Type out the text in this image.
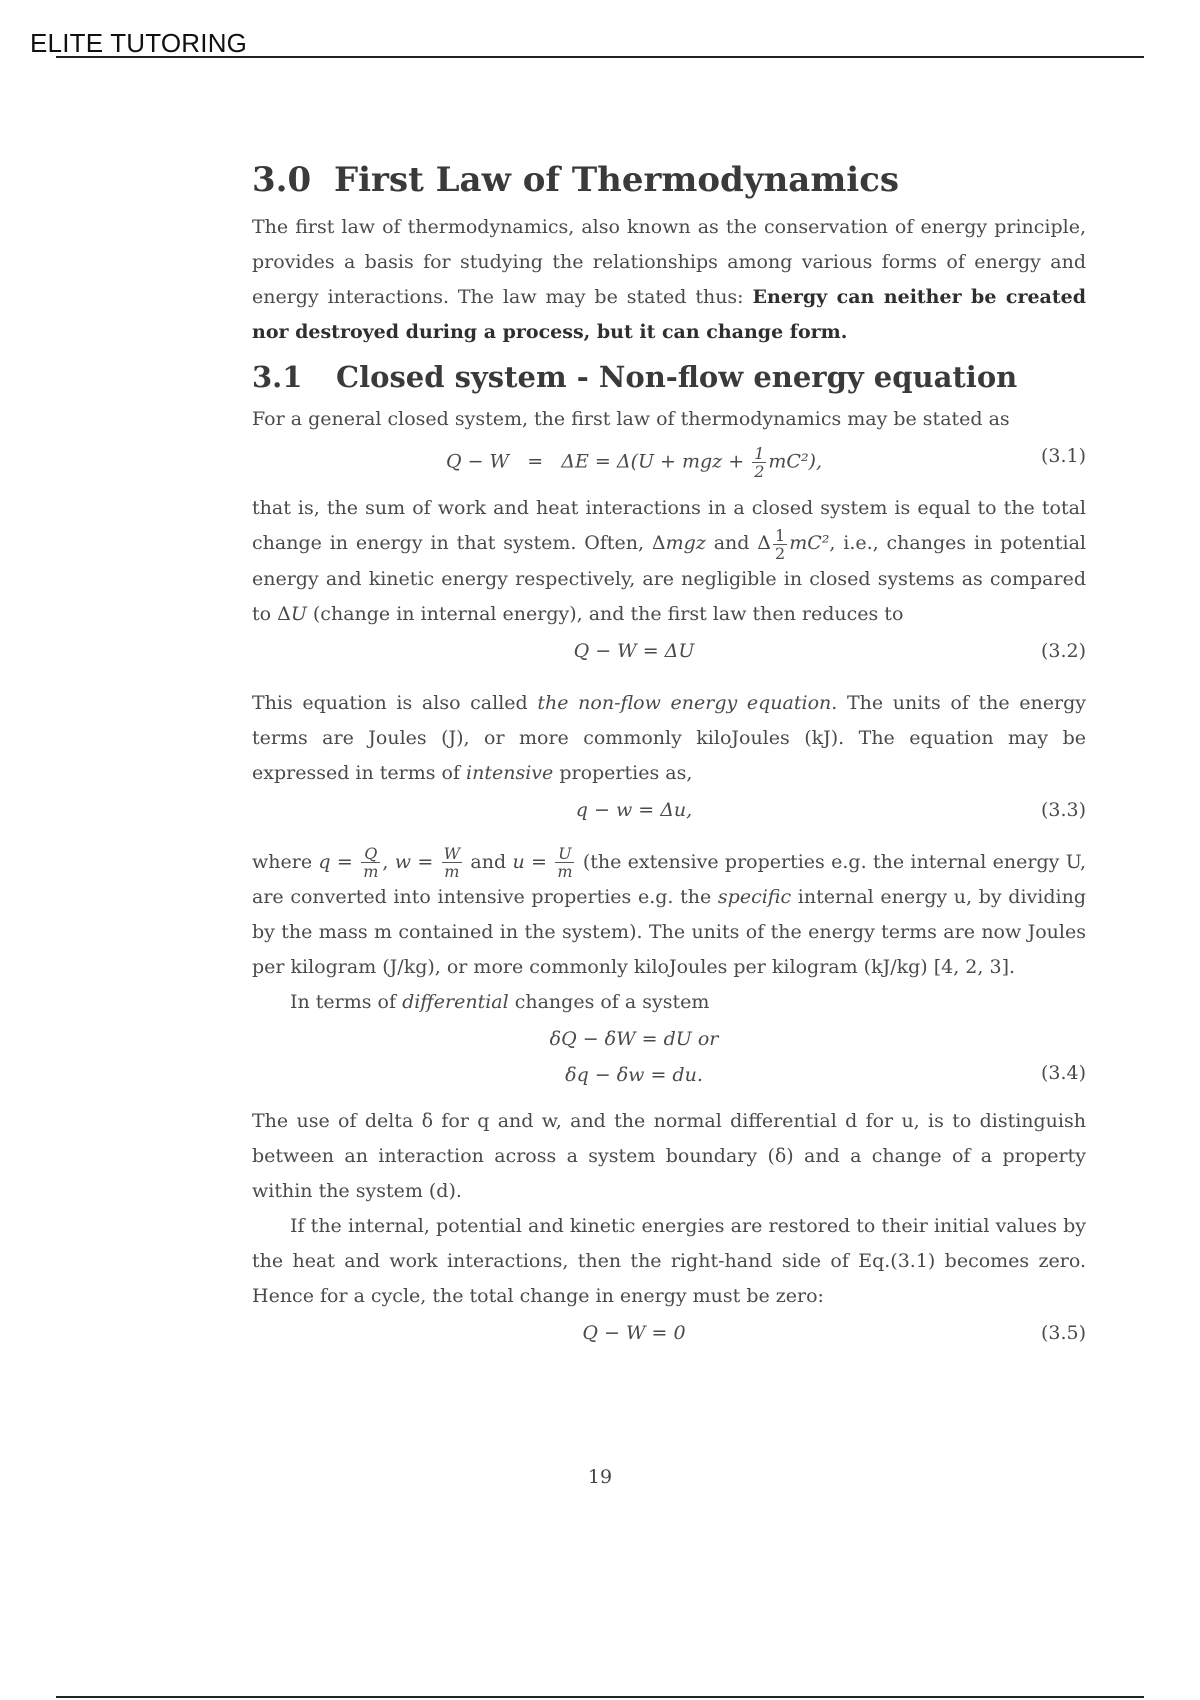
ELITE TUTORING
3.0 First Law of Thermodynamics

The first law of thermodynamics, also known as the conservation of energy principle, provides a basis for studying the relationships among various forms of energy and energy interactions. The law may be stated thus: Energy can neither be created nor destroyed during a process, but it can change form.

3.1 Closed system - Non-flow energy equation

For a general closed system, the first law of thermodynamics may be stated as

Q − W = ΔE = Δ(U + mgz + $\frac{1}{2} mC^2$),	(3.1)

that is, the sum of work and heat interactions in a closed system is equal to the total change in energy in that system. Often, Δmgz and Δ $\frac{1}{2} mC^2$, i.e., changes in potential energy and kinetic energy respectively, are negligible in closed systems as compared to ΔU (change in internal energy), and the first law then reduces to

Q − W = ΔU	(3.2)

This equation is also called the non-flow energy equation. The units of the energy terms are Joules (J), or more commonly kiloJoules (kJ). The equation may be expressed in terms of intensive properties as,

q − w = Δu,	(3.3)

where $q = \frac{Q}{m}$ , $w = \frac{W}{m}$ and $u = \frac{U}{m} (the$ extensive properties e.g. the internal energy U, are converted into intensive properties e.g. the specific internal energy u, by dividing by the mass m contained in the system). The units of the energy terms are now Joules per kilogram (J/kg), or more commonly kiloJoules per kilogram (kJ/kg) [4, 2, 3].

In terms of differential changes of a system

δQ − δW = dU or
δq − δw = du.	(3.4)

The use of delta δ for q and w, and the normal differential d for u, is to distinguish between an interaction across a system boundary (δ) and a change of a property within the system (d).

If the internal, potential and kinetic energies are restored to their initial values by the heat and work interactions, then the right-hand side of Eq.(3.1) becomes zero. Hence for a cycle, the total change in energy must be zero:

Q − W = 0	(3.5)
19
